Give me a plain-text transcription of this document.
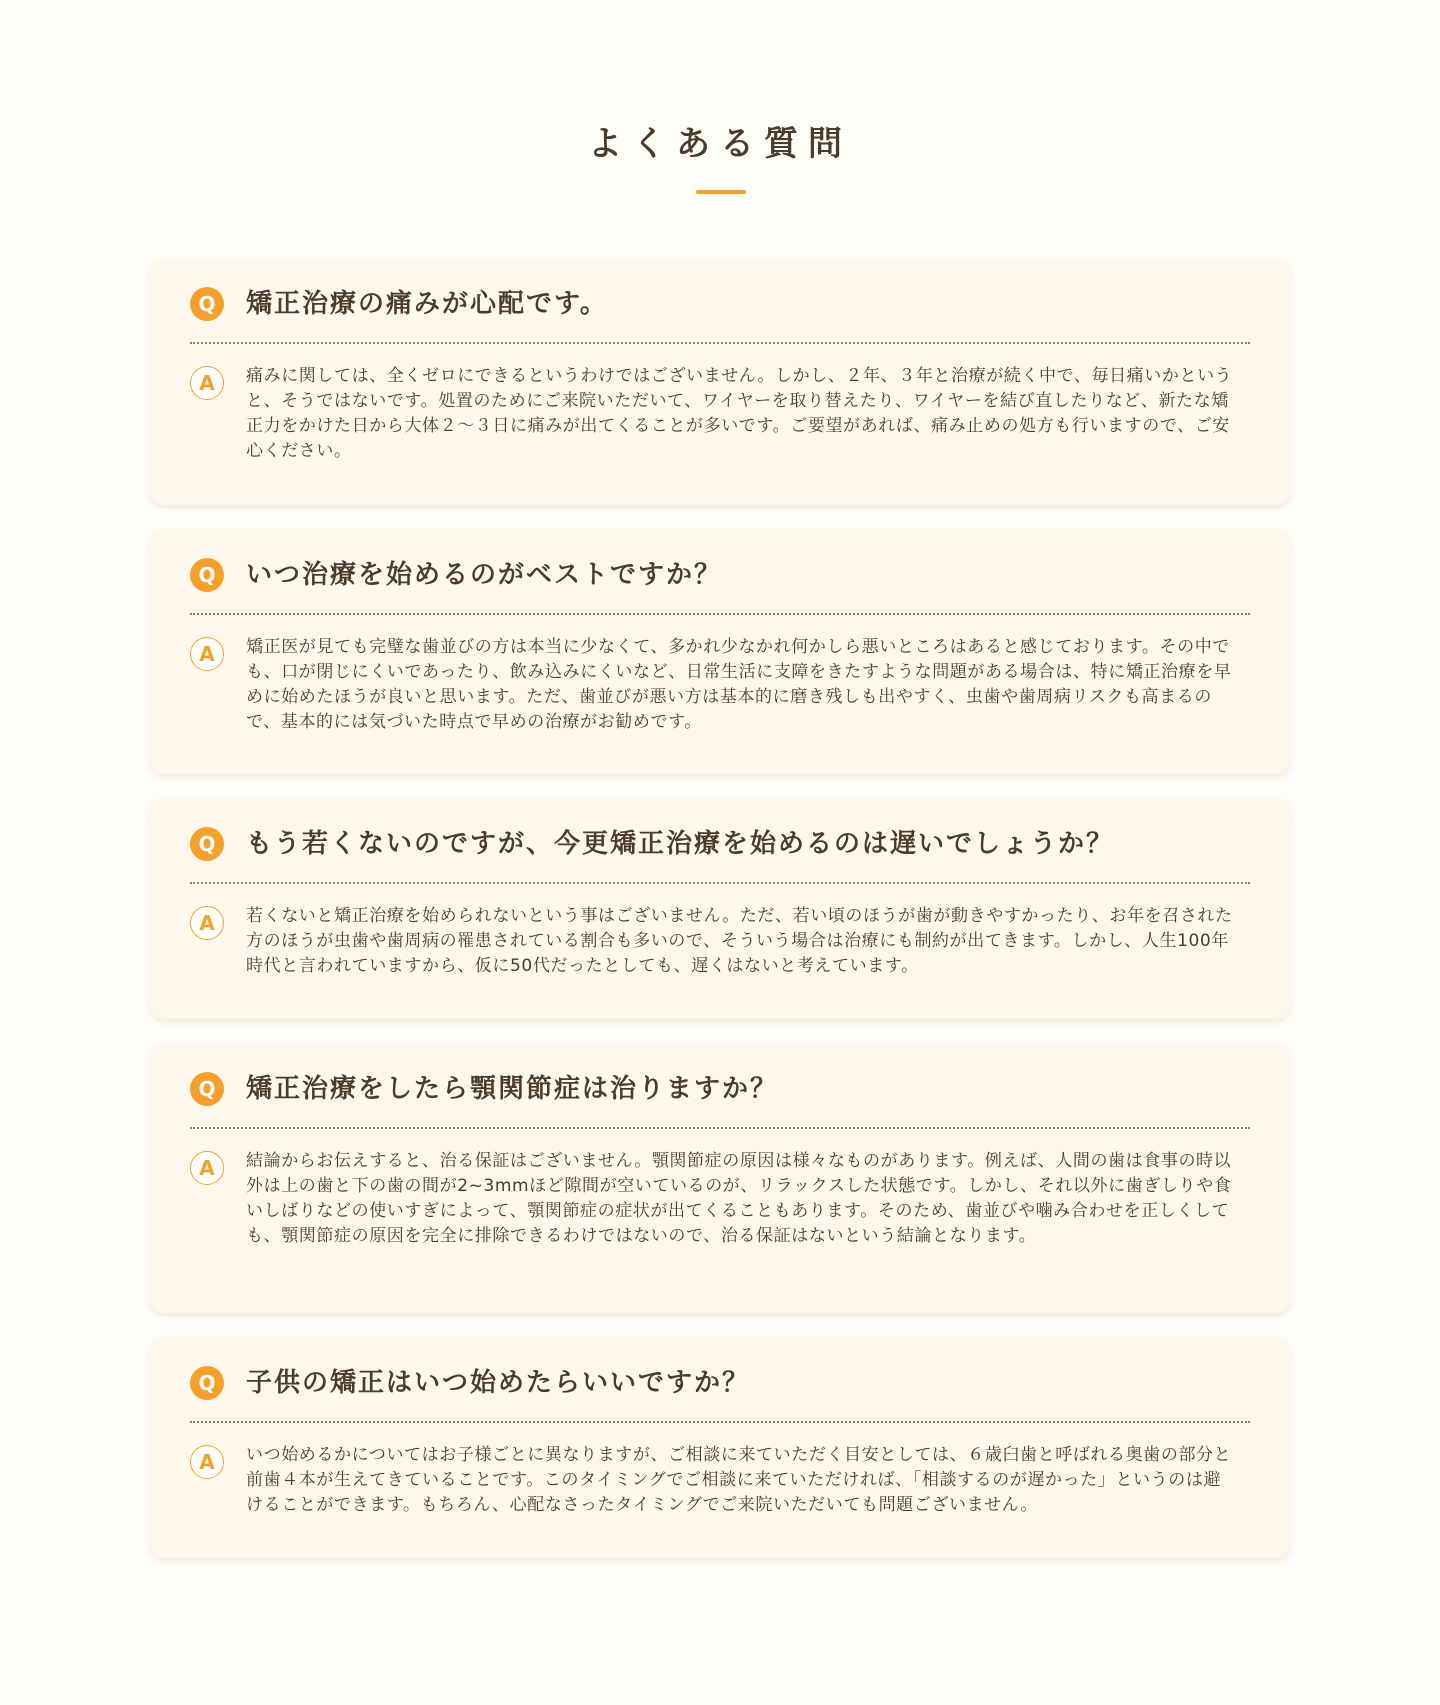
よくある質問
Q	矯正治療の痛みが心配です。
A	痛みに関しては、全くゼロにできるというわけではございません。しかし、２年、３年と治療が続く中で、毎日痛いかというと、そうではないです。処置のためにご来院いただいて、ワイヤーを取り替えたり、ワイヤーを結び直したりなど、新たな矯正力をかけた日から大体２〜３日に痛みが出てくることが多いです。ご要望があれば、痛み止めの処方も行いますので、ご安心ください。

Q	いつ治療を始めるのがベストですか？
A	矯正医が見ても完璧な歯並びの方は本当に少なくて、多かれ少なかれ何かしら悪いところはあると感じております。その中でも、口が閉じにくいであったり、飲み込みにくいなど、日常生活に支障をきたすような問題がある場合は、特に矯正治療を早めに始めたほうが良いと思います。ただ、歯並びが悪い方は基本的に磨き残しも出やすく、虫歯や歯周病リスクも高まるので、基本的には気づいた時点で早めの治療がお勧めです。

Q	もう若くないのですが、今更矯正治療を始めるのは遅いでしょうか？
A	若くないと矯正治療を始められないという事はございません。ただ、若い頃のほうが歯が動きやすかったり、お年を召された方のほうが虫歯や歯周病の罹患されている割合も多いので、そういう場合は治療にも制約が出てきます。しかし、人生100年時代と言われていますから、仮に50代だったとしても、遅くはないと考えています。

Q	矯正治療をしたら顎関節症は治りますか？
A	結論からお伝えすると、治る保証はございません。顎関節症の原因は様々なものがあります。例えば、人間の歯は食事の時以外は上の歯と下の歯の間が2~3mmほど隙間が空いているのが、リラックスした状態です。しかし、それ以外に歯ぎしりや食いしばりなどの使いすぎによって、顎関節症の症状が出てくることもあります。そのため、歯並びや噛み合わせを正しくしても、顎関節症の原因を完全に排除できるわけではないので、治る保証はないという結論となります。

Q	子供の矯正はいつ始めたらいいですか？
A	いつ始めるかについてはお子様ごとに異なりますが、ご相談に来ていただく目安としては、６歳臼歯と呼ばれる奥歯の部分と前歯４本が生えてきていることです。このタイミングでご相談に来ていただければ、「相談するのが遅かった」というのは避けることができます。もちろん、心配なさったタイミングでご来院いただいても問題ございません。
